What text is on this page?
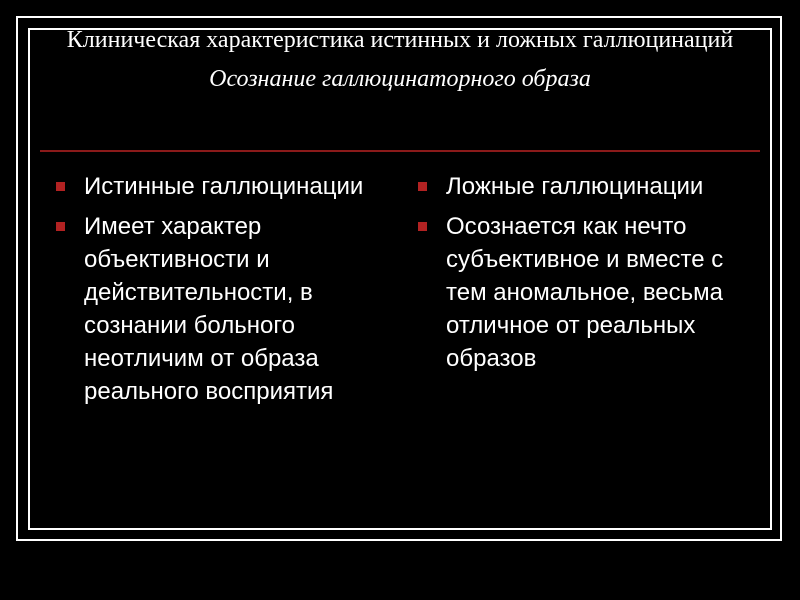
Клиническая характеристика истинных и ложных галлюцинаций

Осознание галлюцинаторного образа

Истинные галлюцинации
Имеет характер объективности и действительности, в сознании больного неотличим от образа реального восприятия
Ложные галлюцинации
Осознается как нечто субъективное и вместе с тем аномальное, весьма отличное от реальных образов
